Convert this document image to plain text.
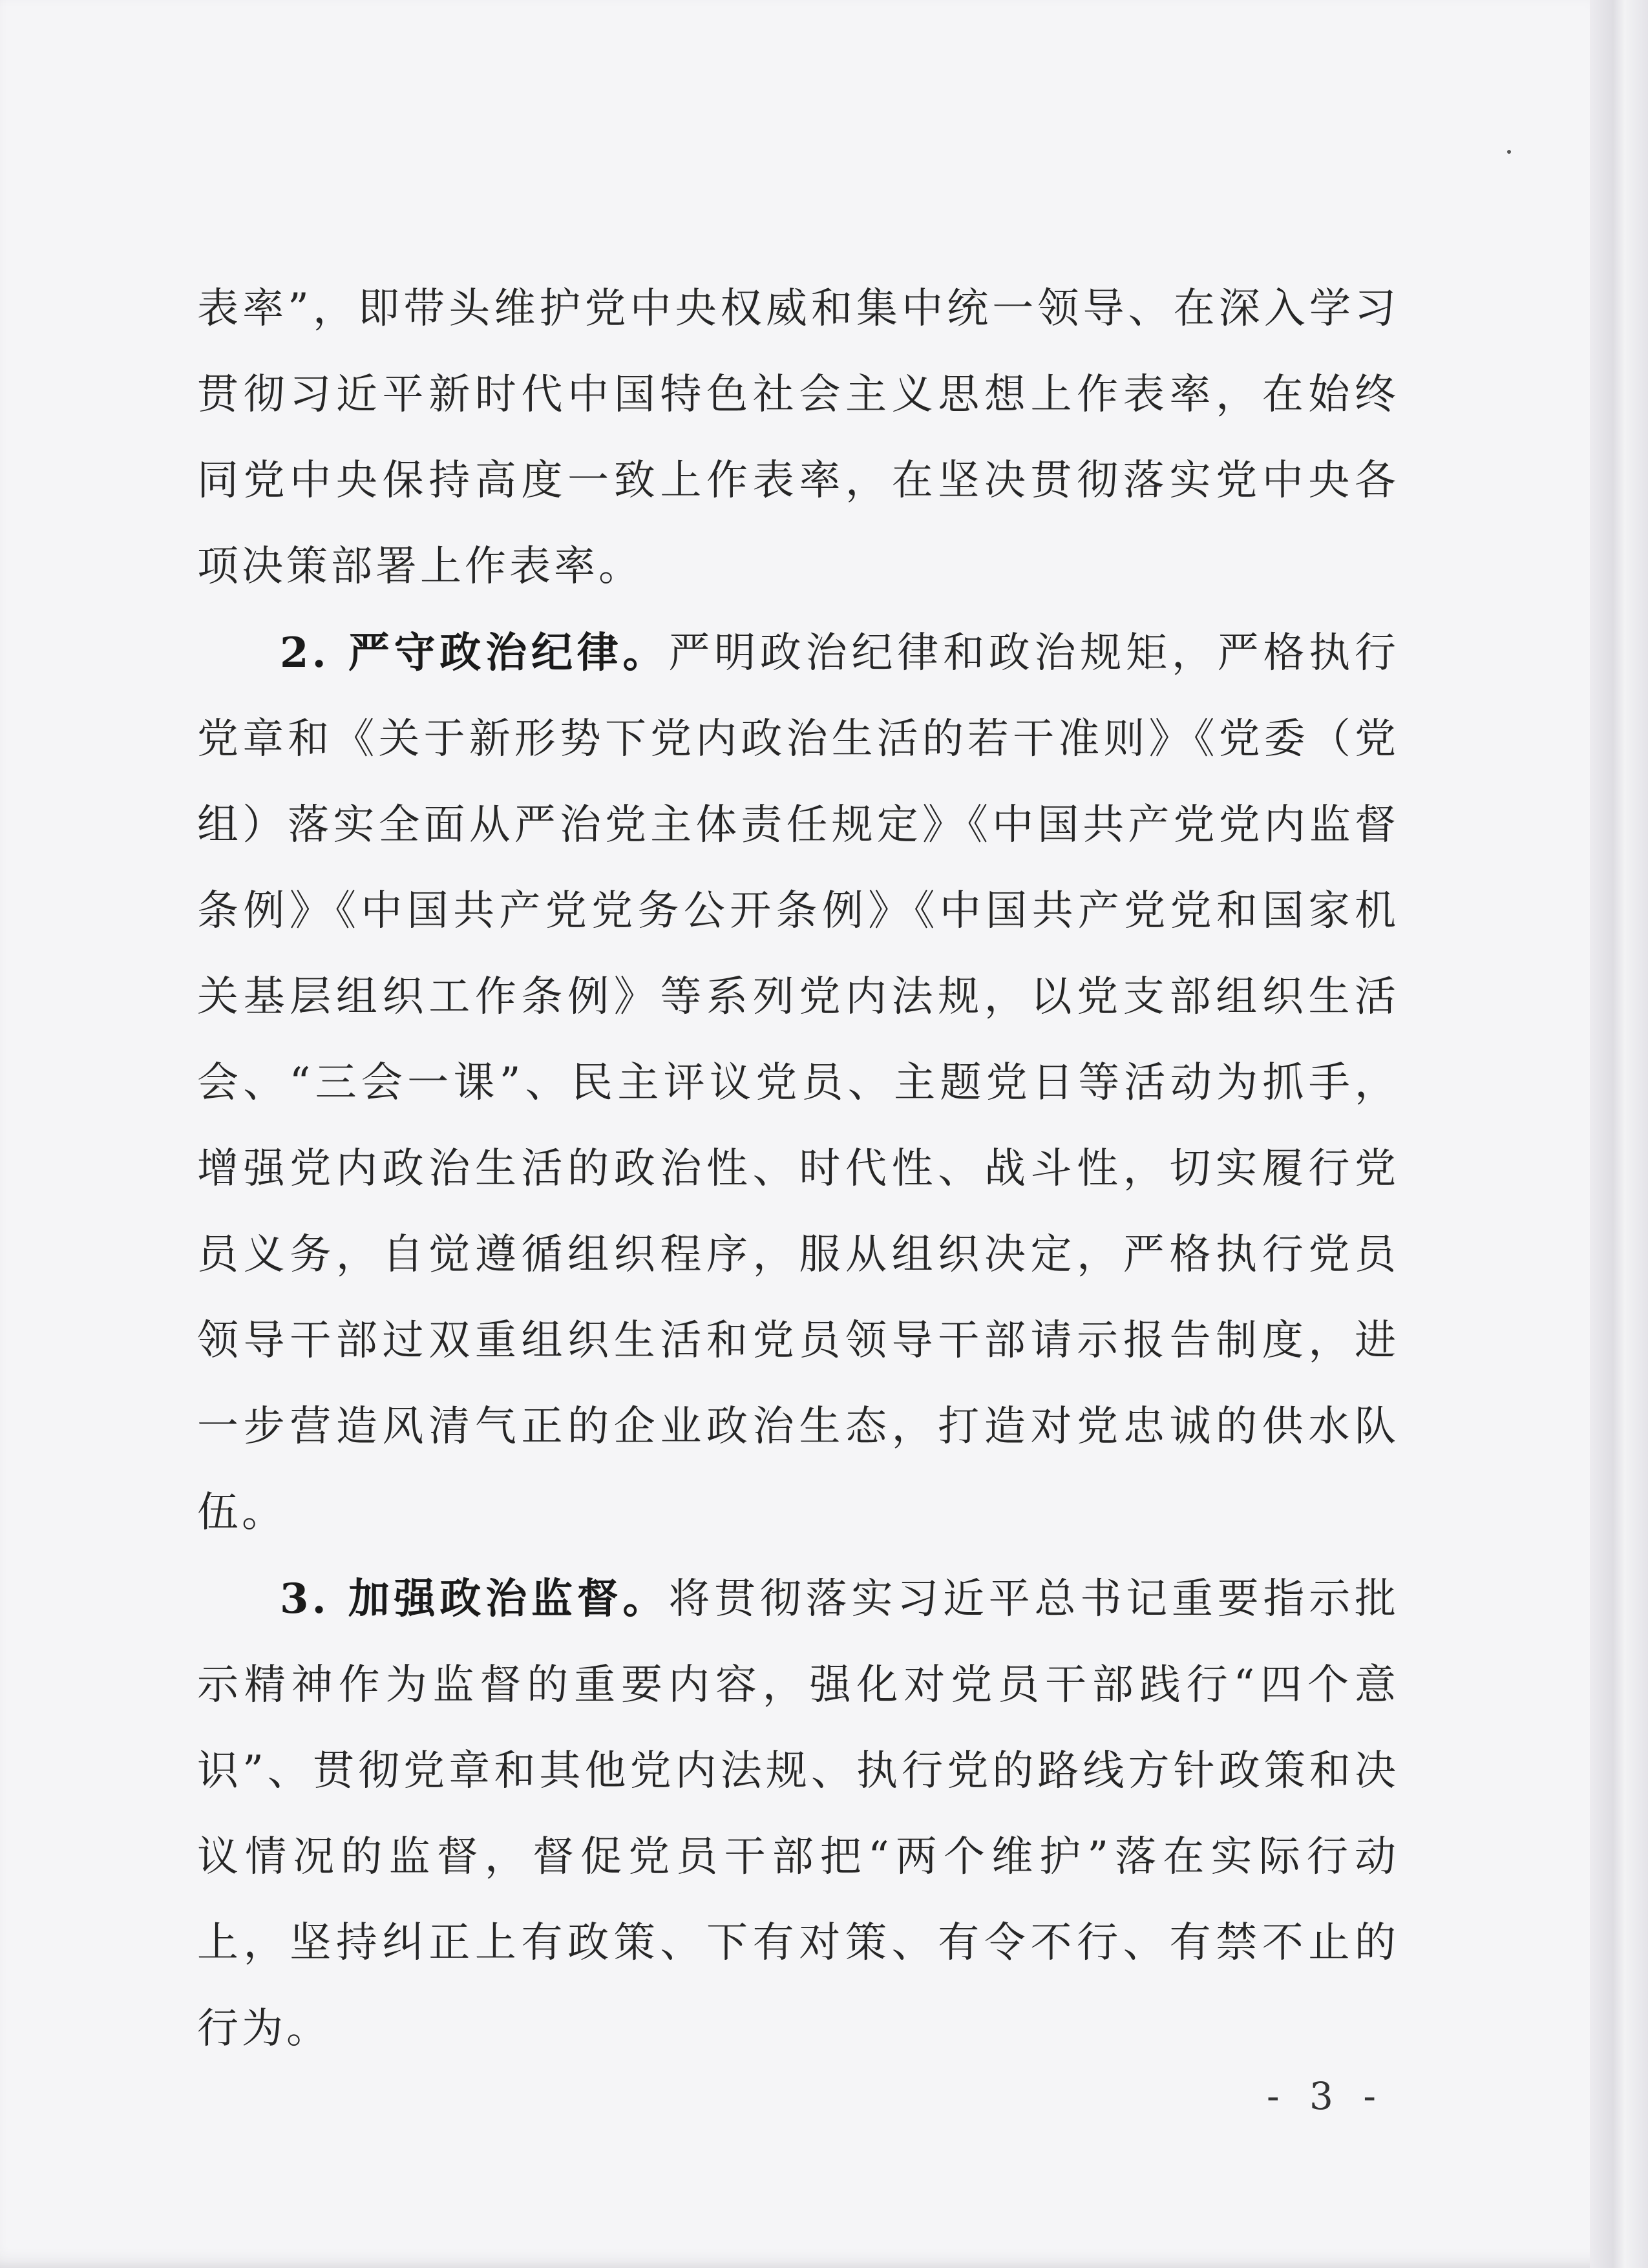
表率”，即带头维护党中央权威和集中统一领导、在深入学习贯彻习近平新时代中国特色社会主义思想上作表率，在始终同党中央保持高度一致上作表率，在坚决贯彻落实党中央各项决策部署上作表率。

2. 严守政治纪律。严明政治纪律和政治规矩，严格执行党章和《关于新形势下党内政治生活的若干准则》《党委（党组）落实全面从严治党主体责任规定》《中国共产党党内监督条例》《中国共产党党务公开条例》《中国共产党党和国家机关基层组织工作条例》等系列党内法规，以党支部组织生活会、“三会一课”、民主评议党员、主题党日等活动为抓手，增强党内政治生活的政治性、时代性、战斗性，切实履行党员义务，自觉遵循组织程序，服从组织决定，严格执行党员领导干部过双重组织生活和党员领导干部请示报告制度，进一步营造风清气正的企业政治生态，打造对党忠诚的供水队伍。

3. 加强政治监督。将贯彻落实习近平总书记重要指示批示精神作为监督的重要内容，强化对党员干部践行“四个意识”、贯彻党章和其他党内法规、执行党的路线方针政策和决议情况的监督，督促党员干部把“两个维护”落在实际行动上，坚持纠正上有政策、下有对策、有令不行、有禁不止的行为。

- 3 -
